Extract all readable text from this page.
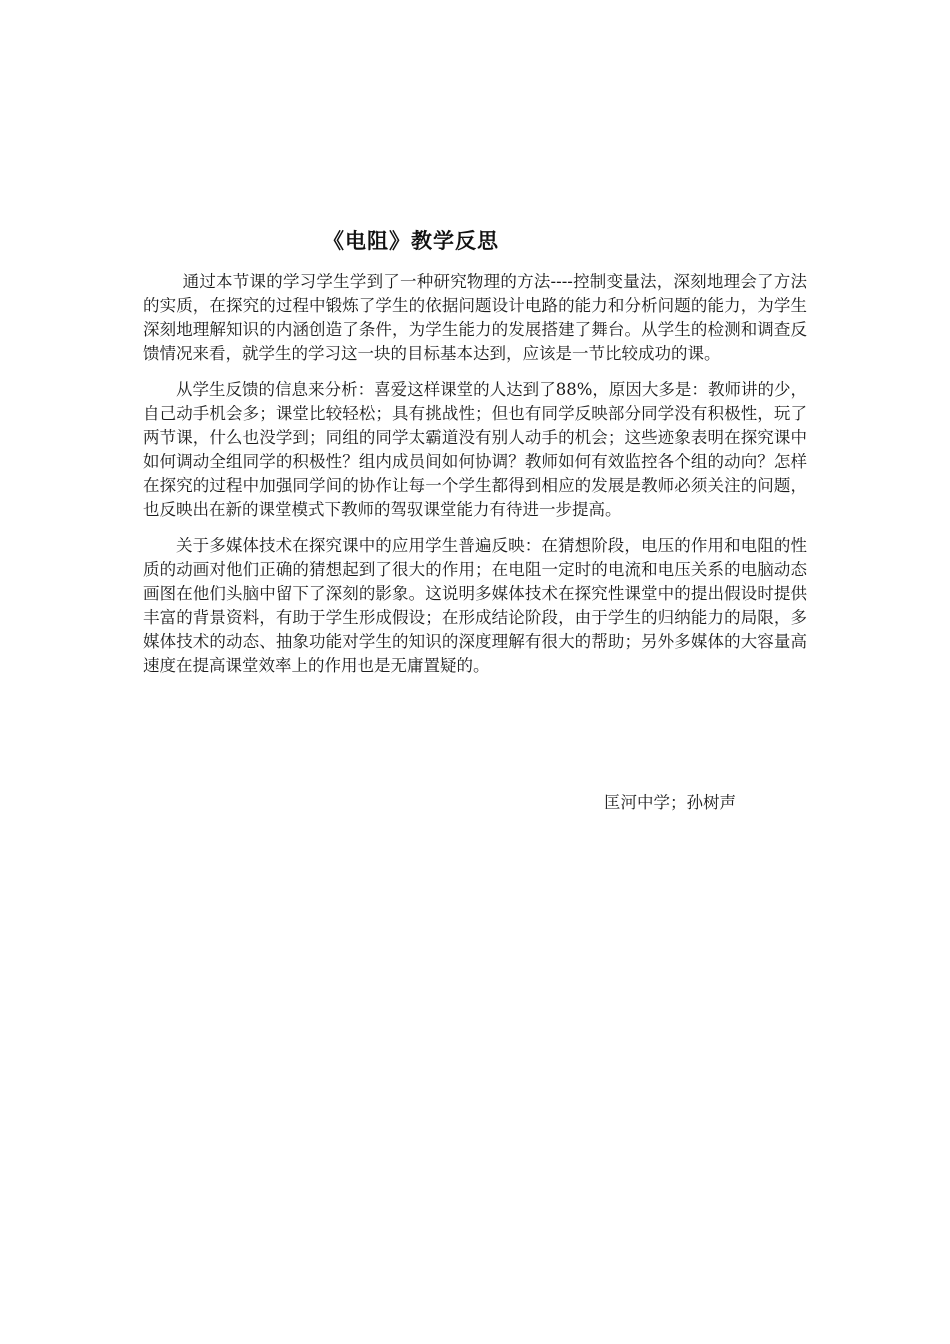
《电阻》教学反思

通过本节课的学习学生学到了一种研究物理的方法----控制变量法，深刻地理会了方法的实质，在探究的过程中锻炼了学生的依据问题设计电路的能力和分析问题的能力，为学生深刻地理解知识的内涵创造了条件，为学生能力的发展搭建了舞台。从学生的检测和调查反馈情况来看，就学生的学习这一块的目标基本达到，应该是一节比较成功的课。

从学生反馈的信息来分析：喜爱这样课堂的人达到了88%，原因大多是：教师讲的少，自己动手机会多；课堂比较轻松；具有挑战性；但也有同学反映部分同学没有积极性，玩了两节课，什么也没学到；同组的同学太霸道没有别人动手的机会；这些迹象表明在探究课中如何调动全组同学的积极性？组内成员间如何协调？教师如何有效监控各个组的动向？怎样在探究的过程中加强同学间的协作让每一个学生都得到相应的发展是教师必须关注的问题，也反映出在新的课堂模式下教师的驾驭课堂能力有待进一步提高。

关于多媒体技术在探究课中的应用学生普遍反映：在猜想阶段，电压的作用和电阻的性质的动画对他们正确的猜想起到了很大的作用；在电阻一定时的电流和电压关系的电脑动态画图在他们头脑中留下了深刻的影象。这说明多媒体技术在探究性课堂中的提出假设时提供丰富的背景资料，有助于学生形成假设；在形成结论阶段，由于学生的归纳能力的局限，多媒体技术的动态、抽象功能对学生的知识的深度理解有很大的帮助；另外多媒体的大容量高速度在提高课堂效率上的作用也是无庸置疑的。

匡河中学；孙树声
